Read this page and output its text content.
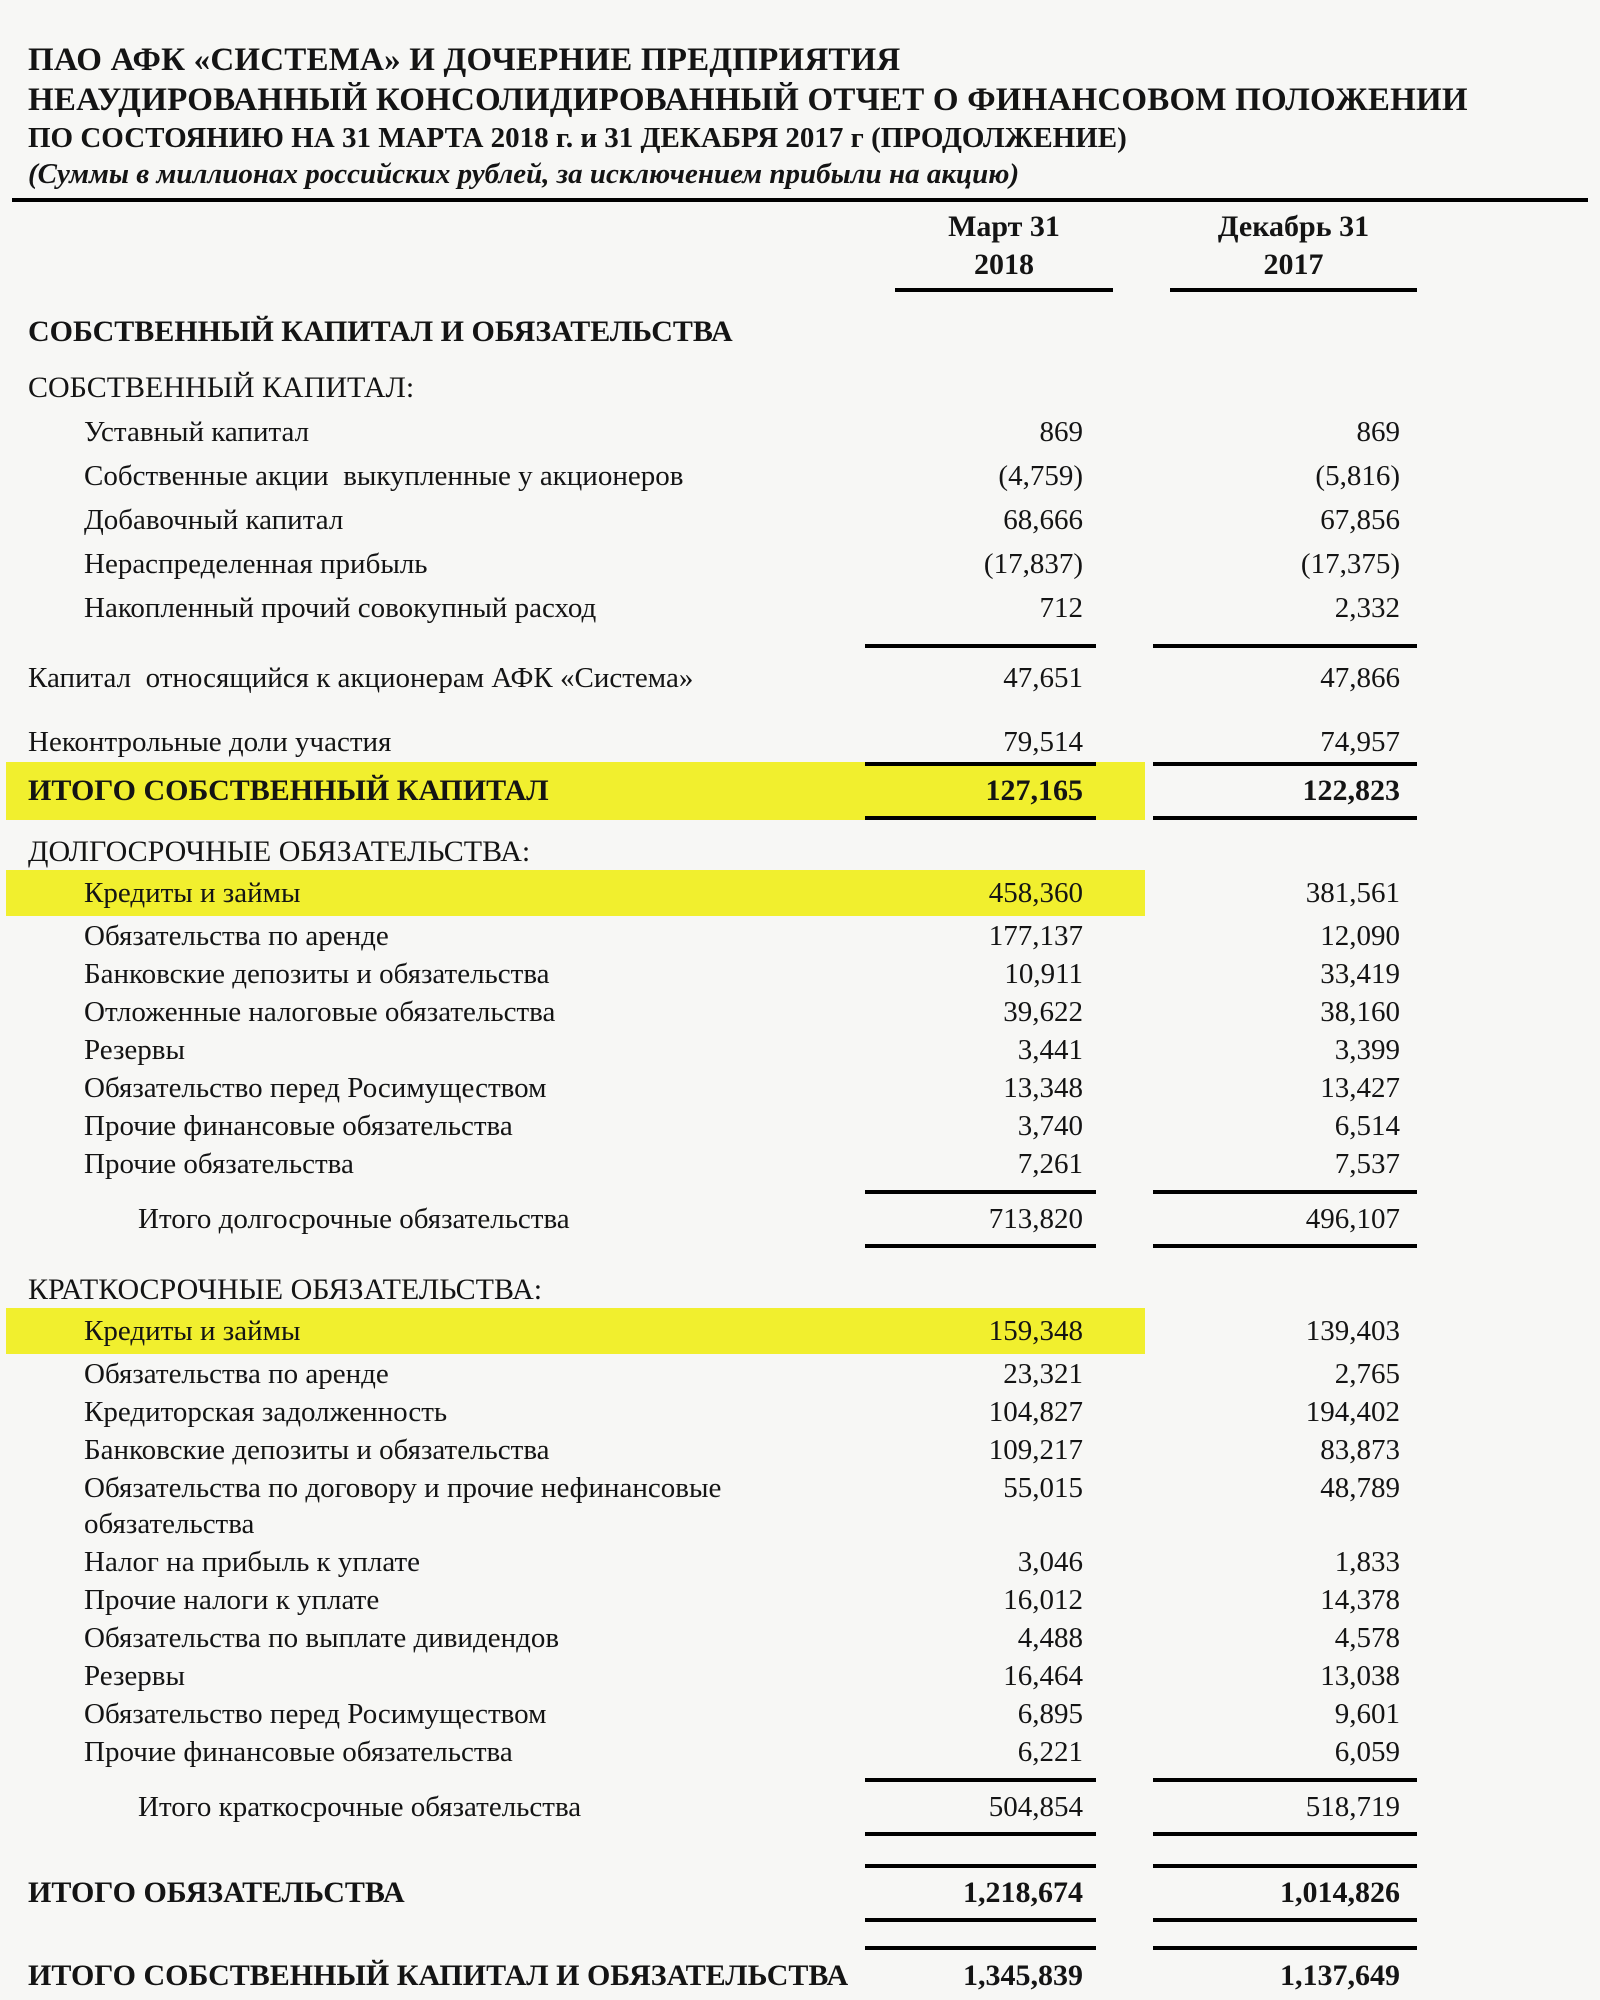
ПАО АФК «СИСТЕМА» И ДОЧЕРНИЕ ПРЕДПРИЯТИЯ
НЕАУДИРОВАННЫЙ КОНСОЛИДИРОВАННЫЙ ОТЧЕТ О ФИНАНСОВОМ ПОЛОЖЕНИИ
ПО СОСТОЯНИЮ НА 31 МАРТА 2018 г. и 31 ДЕКАБРЯ 2017 г (ПРОДОЛЖЕНИЕ)
(Суммы в миллионах российских рублей, за исключением прибыли на акцию)
Март 31
2018
Декабрь 31
2017
СОБСТВЕННЫЙ КАПИТАЛ И ОБЯЗАТЕЛЬСТВА
СОБСТВЕННЫЙ КАПИТАЛ:
Уставный капитал	869	869
Собственные акции  выкупленные у акционеров	(4,759)	(5,816)
Добавочный капитал	68,666	67,856
Нераспределенная прибыль	(17,837)	(17,375)
Накопленный прочий совокупный расход	712	2,332
Капитал  относящийся к акционерам АФК «Система»	47,651	47,866
Неконтрольные доли участия	79,514	74,957
ИТОГО СОБСТВЕННЫЙ КАПИТАЛ	127,165	122,823
ДОЛГОСРОЧНЫЕ ОБЯЗАТЕЛЬСТВА:
Кредиты и займы	458,360	381,561
Обязательства по аренде	177,137	12,090
Банковские депозиты и обязательства	10,911	33,419
Отложенные налоговые обязательства	39,622	38,160
Резервы	3,441	3,399
Обязательство перед Росимуществом	13,348	13,427
Прочие финансовые обязательства	3,740	6,514
Прочие обязательства	7,261	7,537
Итого долгосрочные обязательства	713,820	496,107
КРАТКОСРОЧНЫЕ ОБЯЗАТЕЛЬСТВА:
Кредиты и займы	159,348	139,403
Обязательства по аренде	23,321	2,765
Кредиторская задолженность	104,827	194,402
Банковские депозиты и обязательства	109,217	83,873
Обязательства по договору и прочие нефинансовые обязательства
55,015	48,789
Налог на прибыль к уплате	3,046	1,833
Прочие налоги к уплате	16,012	14,378
Обязательства по выплате дивидендов	4,488	4,578
Резервы	16,464	13,038
Обязательство перед Росимуществом	6,895	9,601
Прочие финансовые обязательства	6,221	6,059
Итого краткосрочные обязательства	504,854	518,719
ИТОГО ОБЯЗАТЕЛЬСТВА	1,218,674	1,014,826
ИТОГО СОБСТВЕННЫЙ КАПИТАЛ И ОБЯЗАТЕЛЬСТВА	1,345,839	1,137,649
